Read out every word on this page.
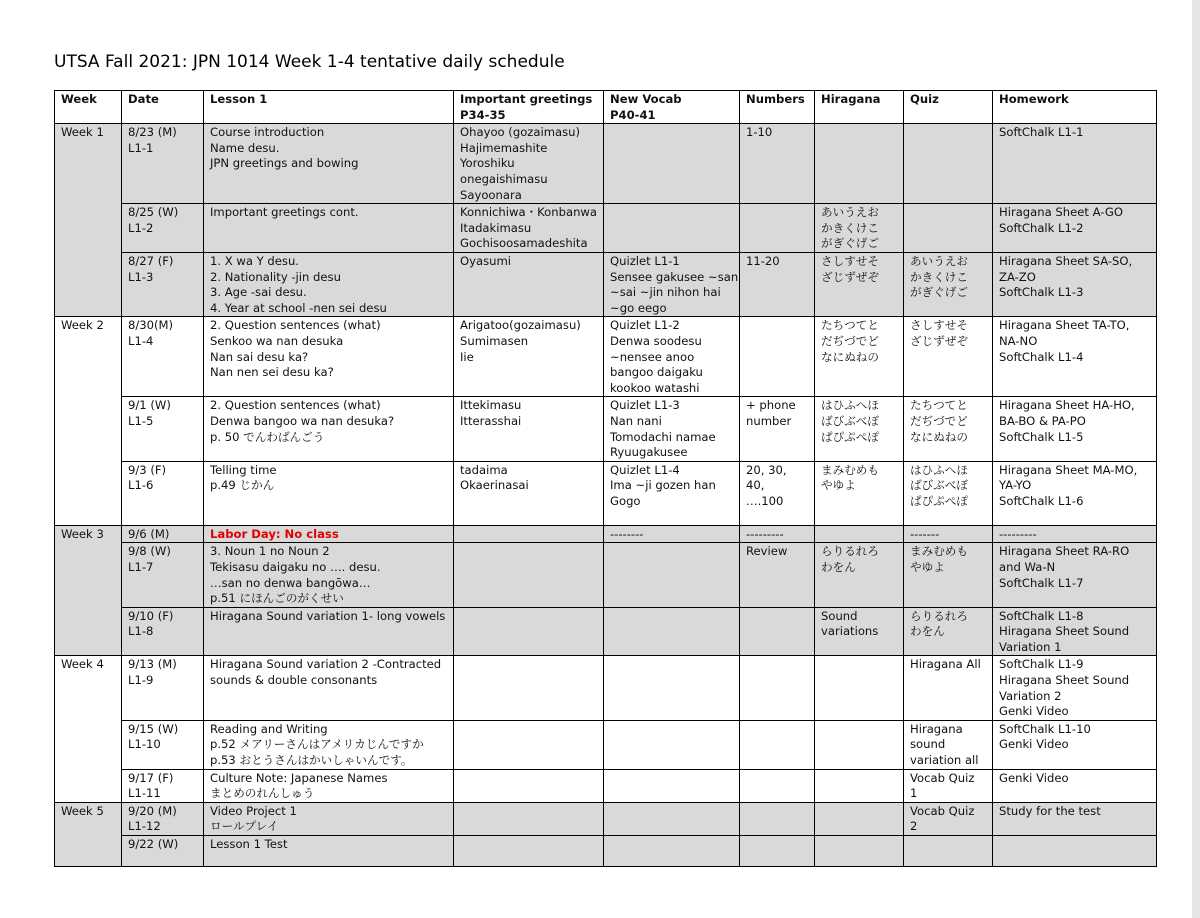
UTSA Fall 2021: JPN 1014 Week 1-4 tentative daily schedule
Week	Date	Lesson 1	Important greetings
P34-35	New Vocab
P40-41	Numbers	Hiragana	Quiz	Homework

Week 1	8/23 (M)
L1-1	Course introduction
Name desu.
JPN greetings and bowing	Ohayoo (gozaimasu)
Hajimemashite
Yoroshiku
onegaishimasu
Sayoonara		1-10			SoftChalk L1-1

	8/25 (W)
L1-2	Important greetings cont.	Konnichiwa・Konbanwa
Itadakimasu
Gochisoosamadeshita			あいうえお
かきくけこ
がぎぐげご		Hiragana Sheet A-GO
SoftChalk L1-2

	8/27 (F)
L1-3	1. X wa Y desu.
2. Nationality -jin desu
3. Age -sai desu.
4. Year at school -nen sei desu	Oyasumi	Quizlet L1-1
Sensee gakusee ~san
~sai ~jin nihon hai
~go eego	11-20	さしすせそ
ざじずぜぞ	あいうえお
かきくけこ
がぎぐげご	Hiragana Sheet SA-SO,
ZA-ZO
SoftChalk L1-3

Week 2	8/30(M)
L1-4	2. Question sentences (what)
Senkoo wa nan desuka
Nan sai desu ka?
Nan nen sei desu ka?	Arigatoo(gozaimasu)
Sumimasen
Iie	Quizlet L1-2
Denwa soodesu
~nensee anoo
bangoo daigaku
kookoo watashi		たちつてと
だぢづでど
なにぬねの	さしすせそ
ざじずぜぞ	Hiragana Sheet TA-TO,
NA-NO
SoftChalk L1-4

	9/1 (W)
L1-5	2. Question sentences (what)
Denwa bangoo wa nan desuka?
p. 50 でんわばんごう	Ittekimasu
Itterasshai	Quizlet L1-3
Nan nani
Tomodachi namae
Ryuugakusee	+ phone
number	はひふへほ
ばびぶべぼ
ぱぴぷぺぽ	たちつてと
だぢづでど
なにぬねの	Hiragana Sheet HA-HO,
BA-BO & PA-PO
SoftChalk L1-5

	9/3 (F)
L1-6	Telling time
p.49 じかん	tadaima
Okaerinasai	Quizlet L1-4
Ima ~ji gozen han
Gogo	20, 30,
40,
….100	まみむめも
やゆよ	はひふへほ
ばびぶべぼ
ぱぴぷぺぽ	Hiragana Sheet MA-MO,
YA-YO
SoftChalk L1-6

Week 3	9/6 (M)	Labor Day: No class		--------	---------		-------	---------

	9/8 (W)
L1-7	3. Noun 1 no Noun 2
Tekisasu daigaku no …. desu.
…san no denwa bangōwa…
p.51 にほんごのがくせい			Review	らりるれろ
わをん	まみむめも
やゆよ	Hiragana Sheet RA-RO
and Wa-N
SoftChalk L1-7

	9/10 (F)
L1-8	Hiragana Sound variation 1- long vowels				Sound
variations	らりるれろ
わをん	SoftChalk L1-8
Hiragana Sheet Sound
Variation 1

Week 4	9/13 (M)
L1-9	Hiragana Sound variation 2 -Contracted
sounds & double consonants					Hiragana All	SoftChalk L1-9
Hiragana Sheet Sound
Variation 2
Genki Video

	9/15 (W)
L1-10	Reading and Writing
p.52 メアリーさんはアメリカじんですか
p.53 おとうさんはかいしゃいんです。					Hiragana
sound
variation all	SoftChalk L1-10
Genki Video

	9/17 (F)
L1-11	Culture Note: Japanese Names
まとめのれんしゅう					Vocab Quiz
1	Genki Video

Week 5	9/20 (M)
L1-12	Video Project 1
ロールプレイ					Vocab Quiz
2	Study for the test

	9/22 (W)	Lesson 1 Test						
